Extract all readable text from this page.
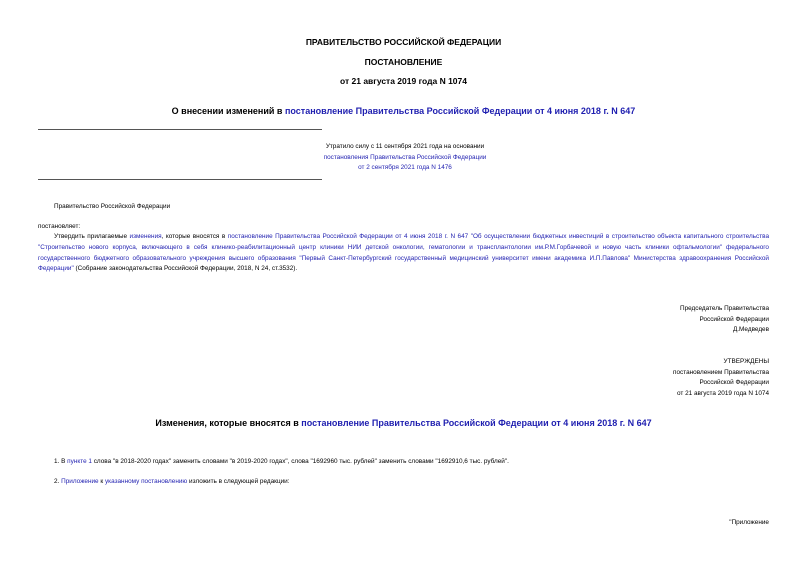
ПРАВИТЕЛЬСТВО РОССИЙСКОЙ ФЕДЕРАЦИИ
ПОСТАНОВЛЕНИЕ
от 21 августа 2019 года N 1074
О внесении изменений в постановление Правительства Российской Федерации от 4 июня 2018 г. N 647
Утратило силу с 11 сентября 2021 года на основании
постановления Правительства Российской Федерации
от 2 сентября 2021 года N 1476
Правительство Российской Федерации
постановляет:
Утвердить прилагаемые изменения, которые вносятся в постановление Правительства Российской Федерации от 4 июня 2018 г. N 647 "Об осуществлении бюджетных инвестиций в строительство объекта капитального строительства "Строительство нового корпуса, включающего в себя клинико-реабилитационный центр клиники НИИ детской онкологии, гематологии и трансплантологии им.Р.М.Горбачевой и новую часть клиники офтальмологии" федерального государственного бюджетного образовательного учреждения высшего образования "Первый Санкт-Петербургский государственный медицинский университет имени академика И.П.Павлова" Министерства здравоохранения Российской Федерации" (Собрание законодательства Российской Федерации, 2018, N 24, ст.3532).
Председатель Правительства
Российской Федерации
Д.Медведев
УТВЕРЖДЕНЫ
постановлением Правительства
Российской Федерации
от 21 августа 2019 года N 1074
Изменения, которые вносятся в постановление Правительства Российской Федерации от 4 июня 2018 г. N 647
1. В пункте 1 слова "в 2018-2020 годах" заменить словами "в 2019-2020 годах", слова "1692960 тыс. рублей" заменить словами "1692910,6 тыс. рублей".
2. Приложение к указанному постановлению изложить в следующей редакции:
"Приложение
